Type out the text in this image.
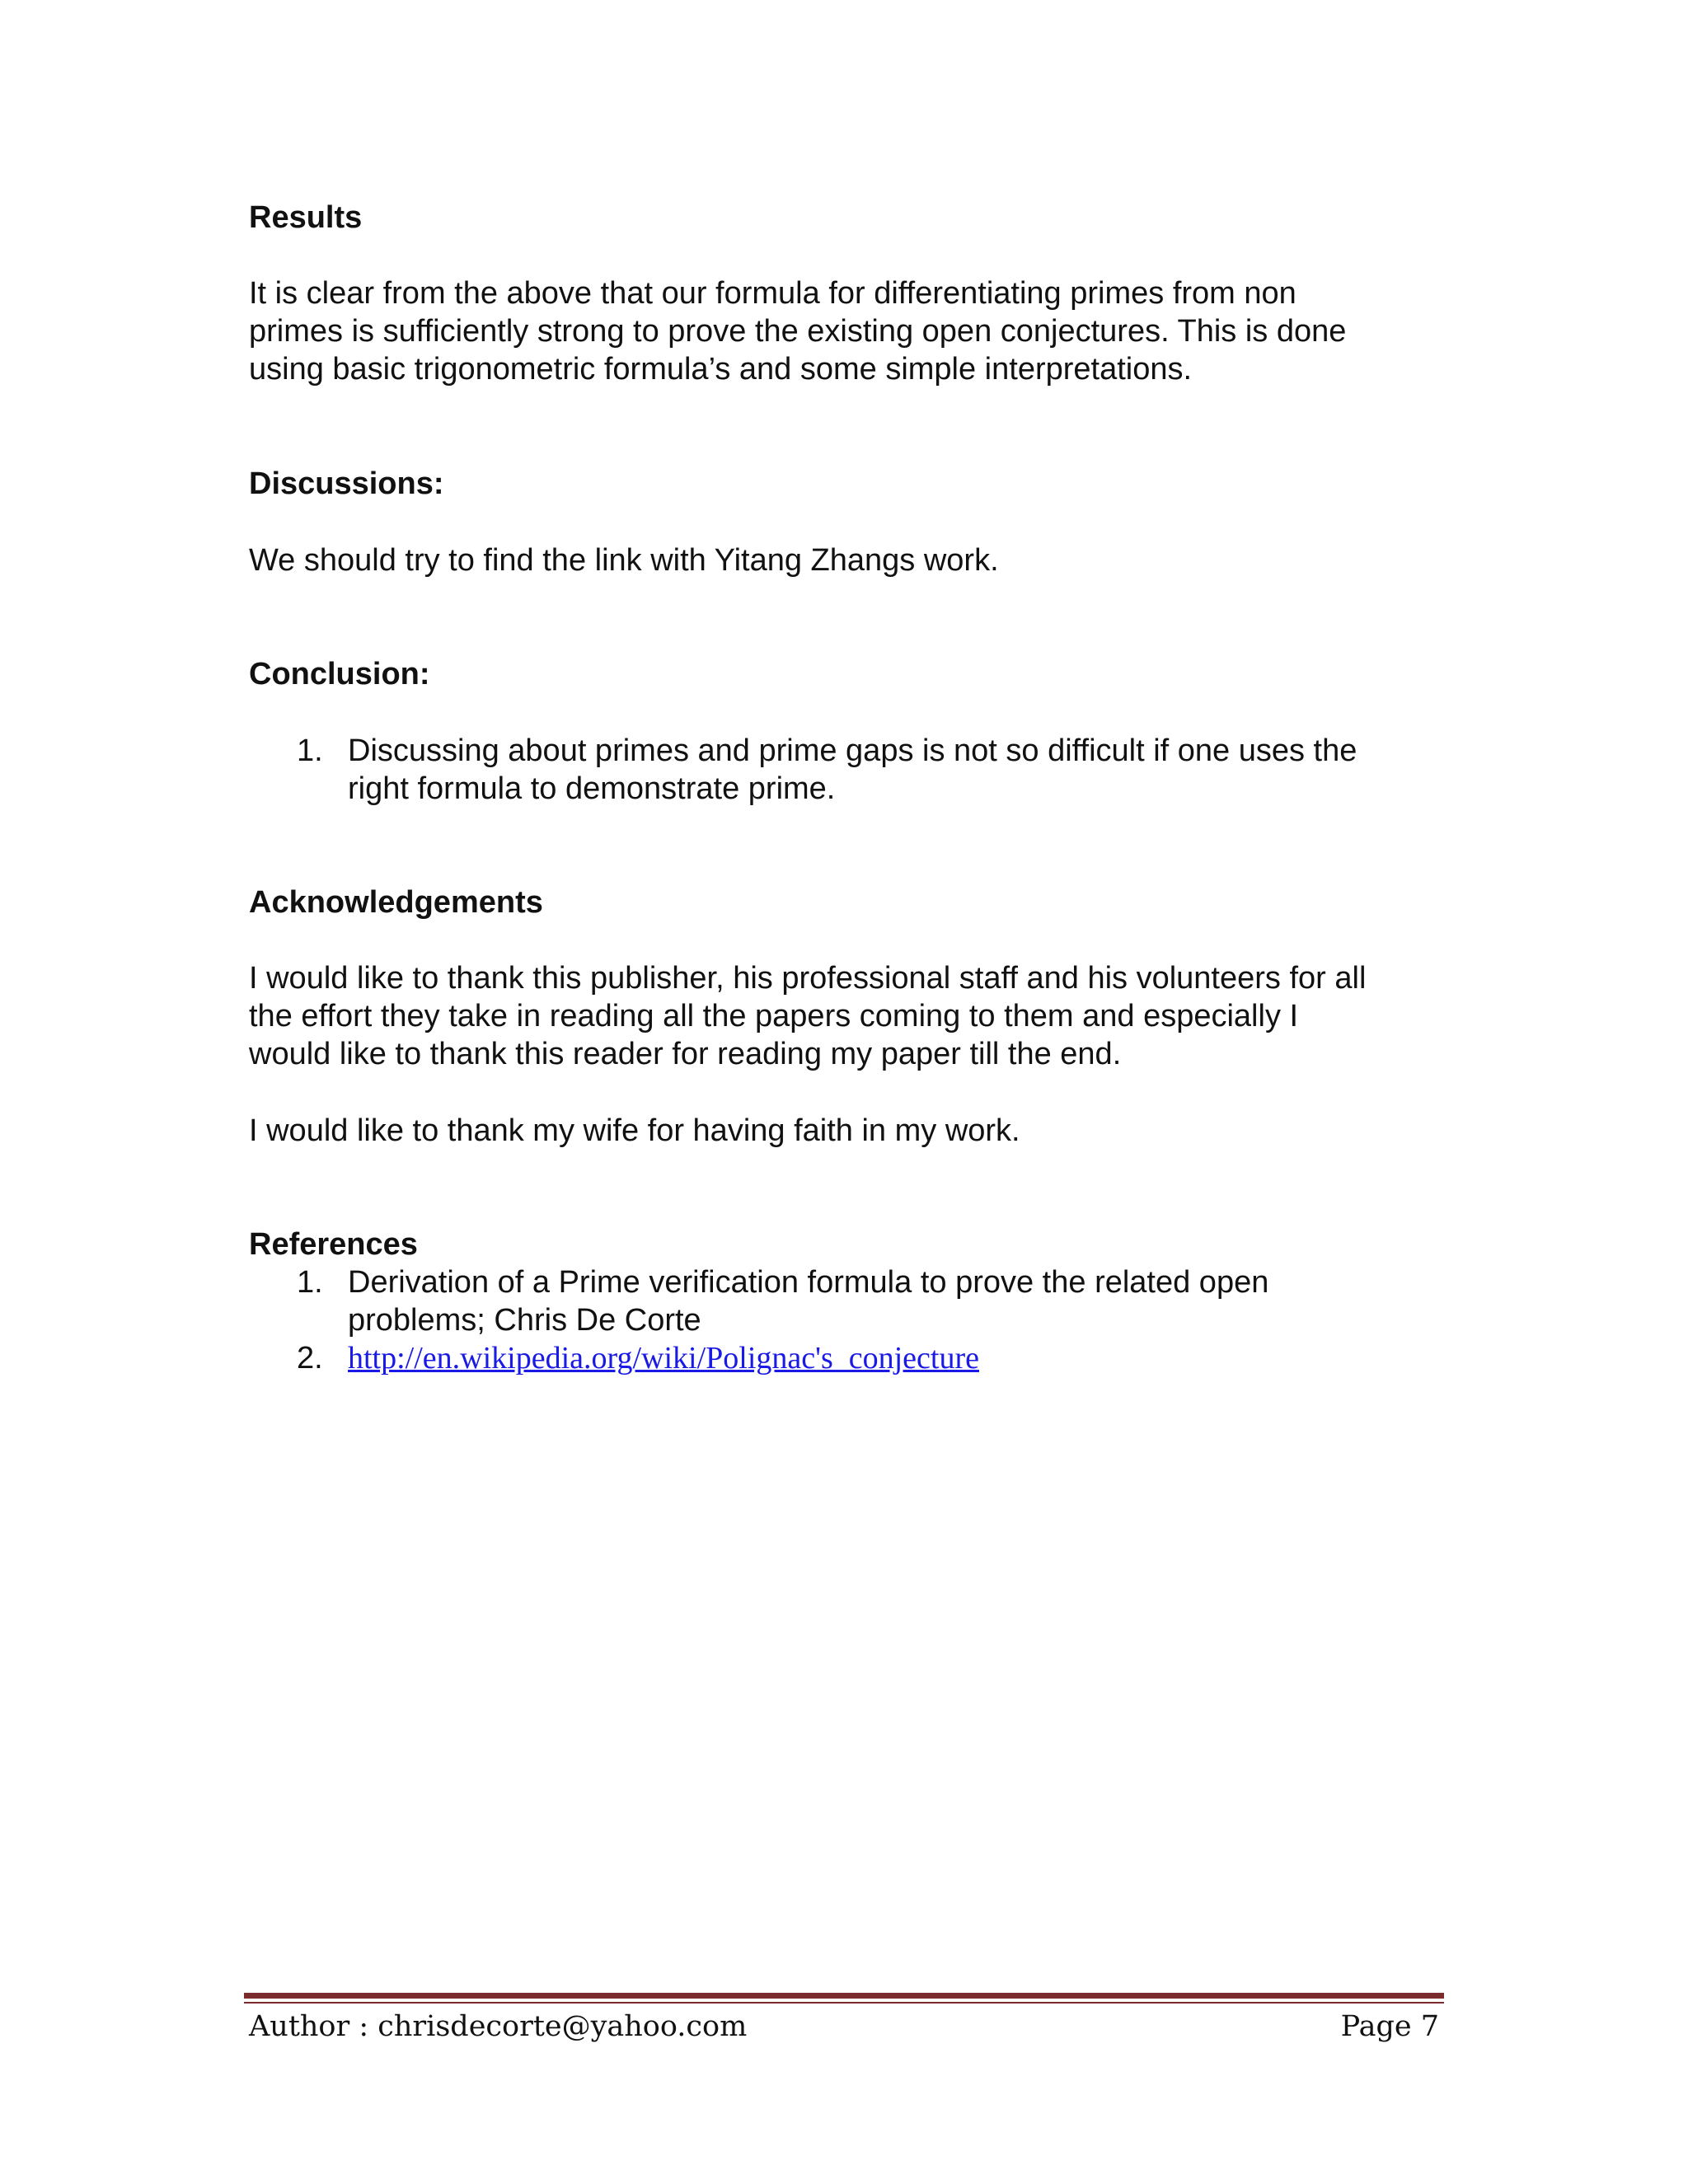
Results
It is clear from the above that our formula for differentiating primes from non
primes is sufficiently strong to prove the existing open conjectures. This is done
using basic trigonometric formula’s and some simple interpretations.
Discussions:
We should try to find the link with Yitang Zhangs work.
Conclusion:
1. Discussing about primes and prime gaps is not so difficult if one uses the
right formula to demonstrate prime.
Acknowledgements
I would like to thank this publisher, his professional staff and his volunteers for all
the effort they take in reading all the papers coming to them and especially I
would like to thank this reader for reading my paper till the end.
I would like to thank my wife for having faith in my work.
References
1. Derivation of a Prime verification formula to prove the related open
problems; Chris De Corte
2. http://en.wikipedia.org/wiki/Polignac's_conjecture
Author : chrisdecorte@yahoo.com	Page 7
